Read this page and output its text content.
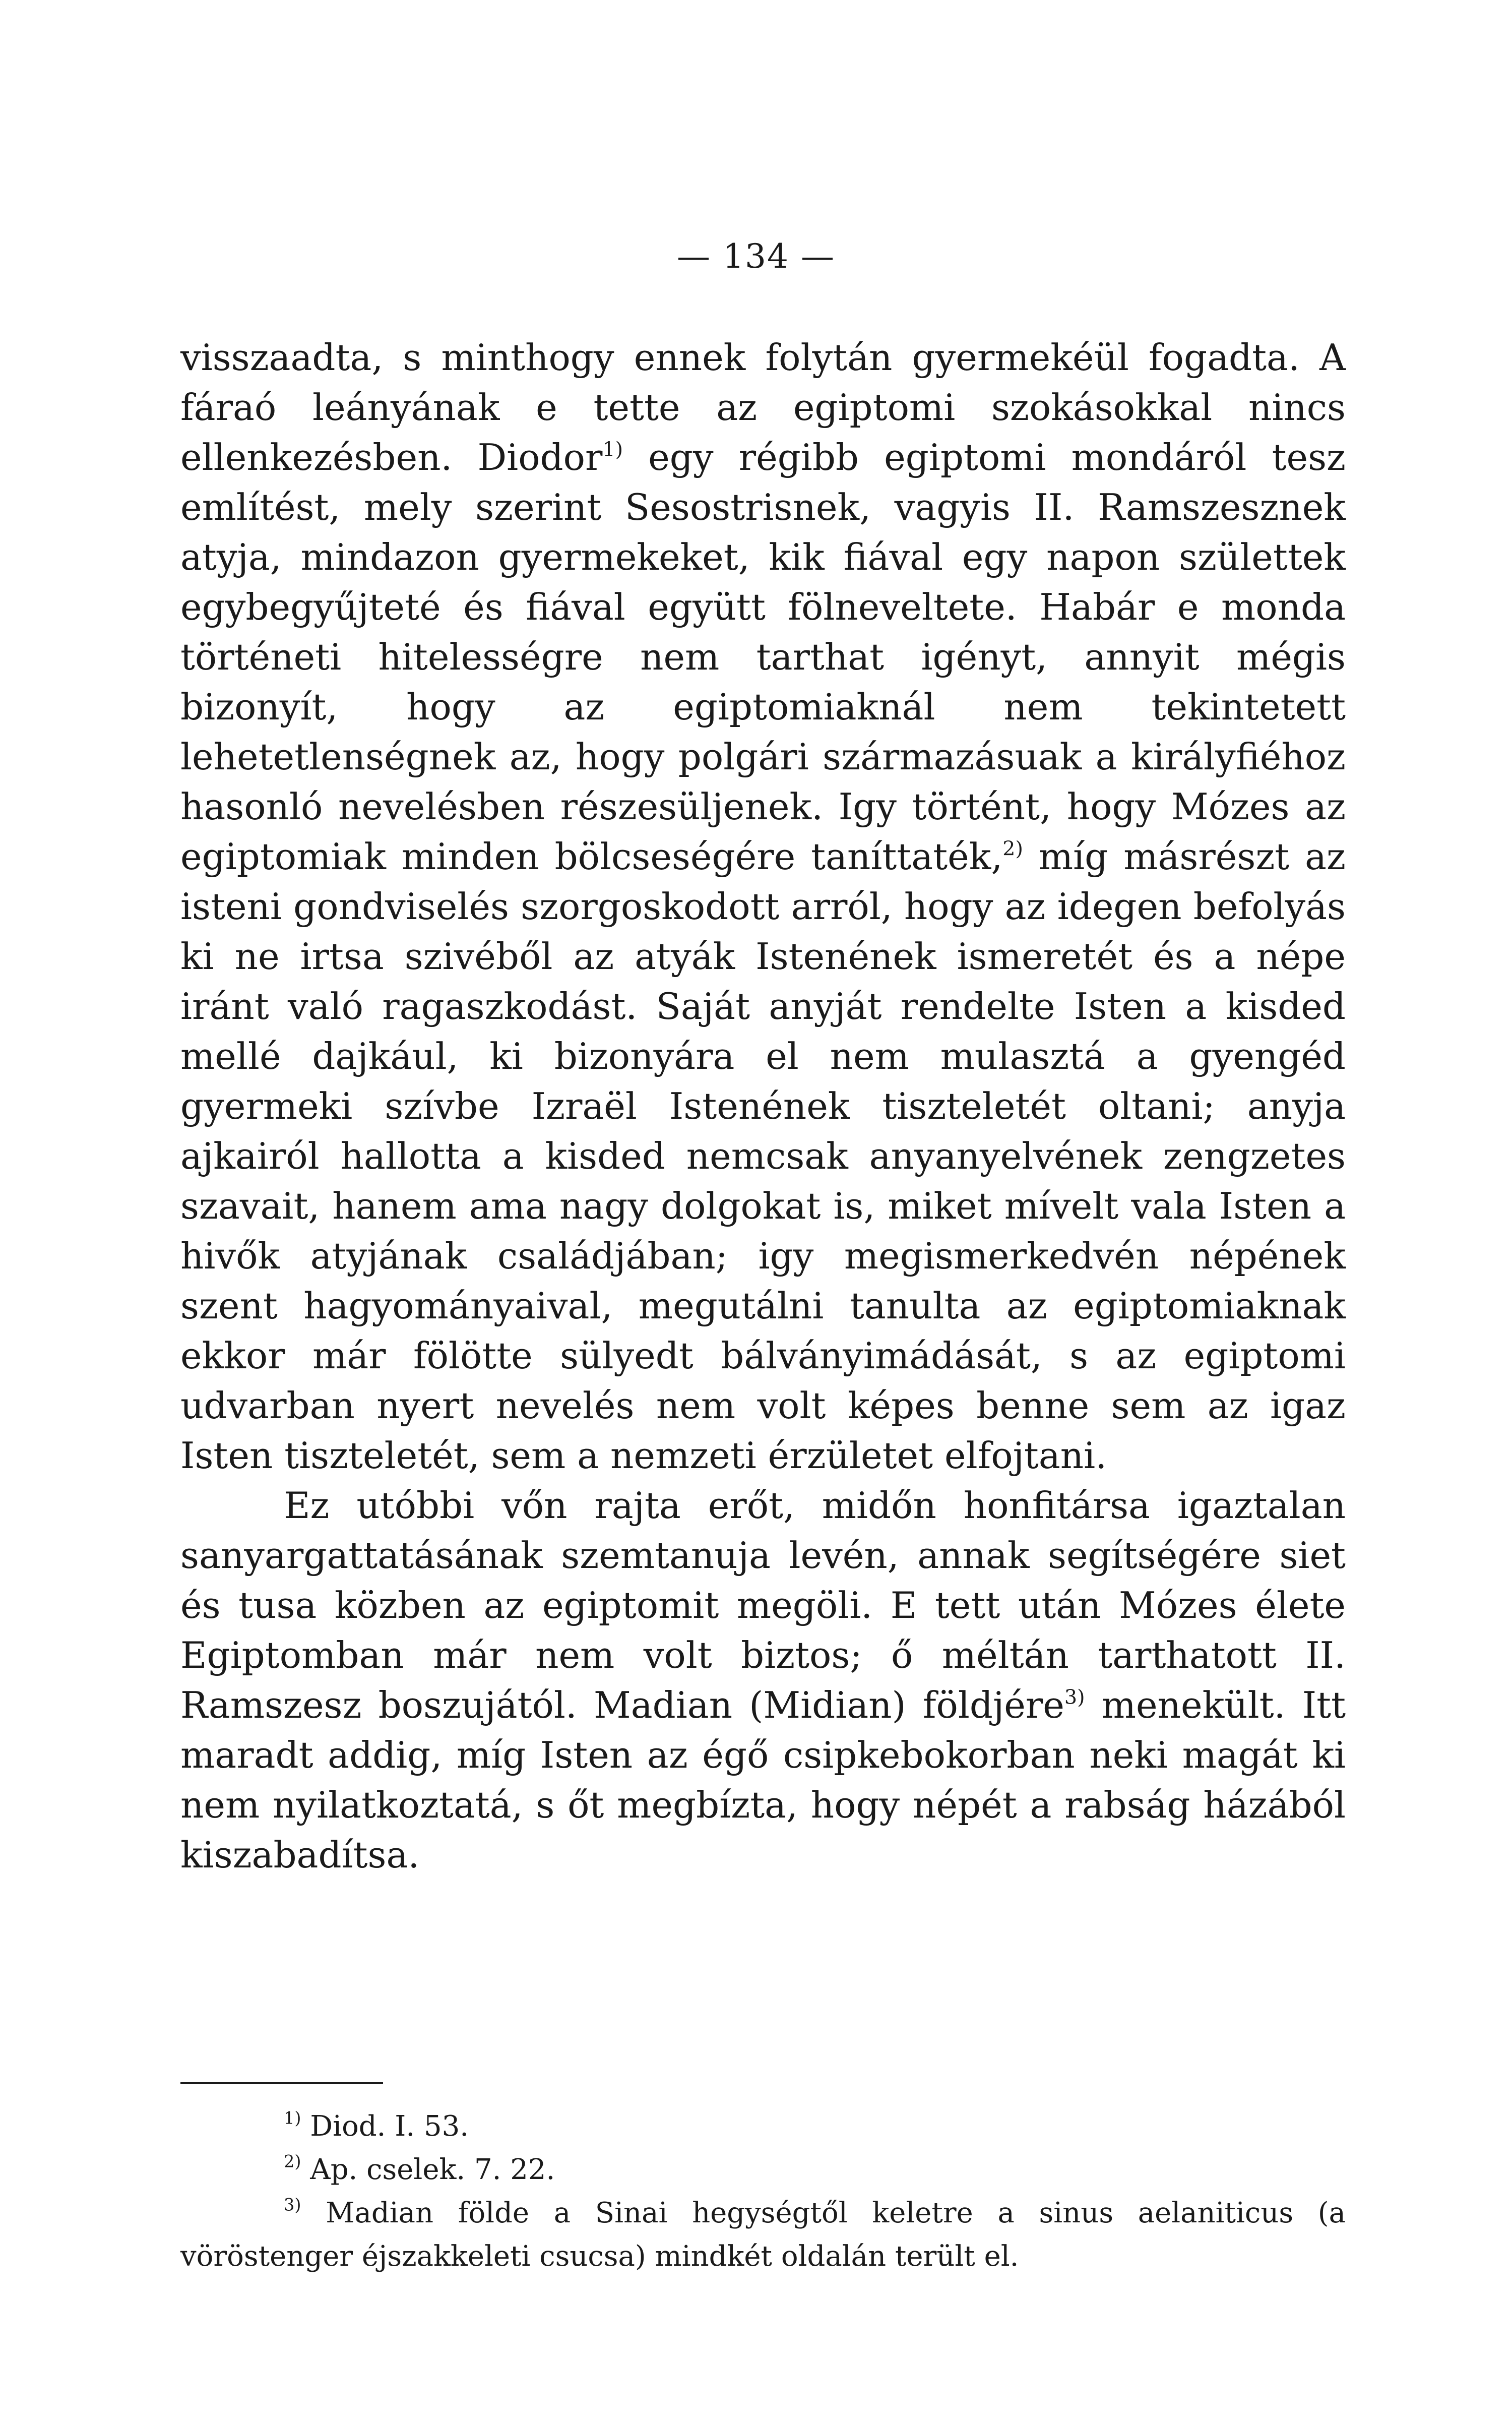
— 134 —

visszaadta, s minthogy ennek folytán gyermekéül fogadta. A fáraó leányának e tette az egiptomi szokásokkal nincs ellenkezésben. Diodor$^{1)}$ egy régibb egiptomi mondáról tesz említést, mely szerint Sesostrisnek, vagyis II. Ramszesznek atyja, mindazon gyermekeket, kik fiával egy napon születtek egybegyűjteté és fiával együtt fölneveltete. Habár e monda történeti hitelességre nem tarthat igényt, annyit mégis bizonyít, hogy az egiptomiaknál nem tekintetett lehetetlenségnek az, hogy polgári származásuak a királyfiéhoz hasonló nevelésben részesüljenek. Igy történt, hogy Mózes az egiptomiak minden bölcseségére taníttaték,$^{2)}$ míg másrészt az isteni gondviselés szorgoskodott arról, hogy az idegen befolyás ki ne irtsa szivéből az atyák Istenének ismeretét és a népe iránt való ragaszkodást. Saját anyját rendelte Isten a kisded mellé dajkául, ki bizonyára el nem mulasztá a gyengéd gyermeki szívbe Izraël Istenének tiszteletét oltani; anyja ajkairól hallotta a kisded nemcsak anyanyelvének zengzetes szavait, hanem ama nagy dolgokat is, miket mívelt vala Isten a hivők atyjának családjában; igy megismerkedvén népének szent hagyományaival, megutálni tanulta az egiptomiaknak ekkor már fölötte sülyedt bálványimádását, s az egiptomi udvarban nyert nevelés nem volt képes benne sem az igaz Isten tiszteletét, sem a nemzeti érzületet elfojtani.

Ez utóbbi vőn rajta erőt, midőn honfitársa igaztalan sanyargattatásának szemtanuja levén, annak segítségére siet és tusa közben az egiptomit megöli. E tett után Mózes élete Egiptomban már nem volt biztos; ő méltán tarthatott II. Ramszesz boszujától. Madian (Midian) földjére$^{3)}$ menekült. Itt maradt addig, míg Isten az égő csipkebokorban neki magát ki nem nyilatkoztatá, s őt megbízta, hogy népét a rabság házából kiszabadítsa.

$^{1)}$ Diod. I. 53.

$^{2)}$ Ap. cselek. 7. 22.

$^{3)}$ Madian földe a Sinai hegységtől keletre a sinus aelaniticus (a vöröstenger éjszakkeleti csucsa) mindkét oldalán terült el.
